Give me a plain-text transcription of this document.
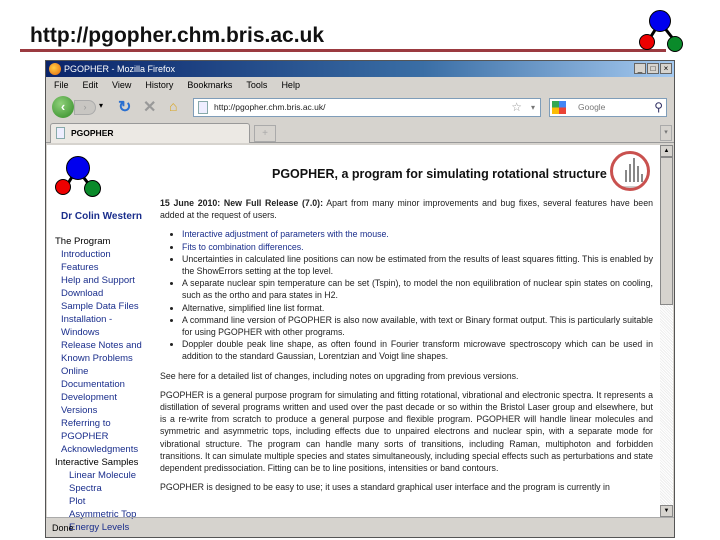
http://pgopher.chm.bris.ac.uk
PGOPHER - Mozilla Firefox	_	□	×
File Edit View History Bookmarks Tools Help
›
‹	▾ ↻ ✕ ⌂	http://pgopher.chm.bris.ac.uk/	☆ ▾	Google	⚲
PGOPHER	+	▾
Dr Colin Western
PGOPHER, a program for simulating rotational structure
The Program
Introduction
Features
Help and Support
Download
Sample Data Files
Installation - Windows
Release Notes and Known Problems
Online Documentation
Development Versions
Referring to PGOPHER
Acknowledgments
Interactive Samples
Linear Molecule Spectra
Plot Asymmetric Top Energy Levels

15 June 2010: New Full Release (7.0): Apart from many minor improvements and bug fixes, several features have been added at the request of users.

• Interactive adjustment of parameters with the mouse.
• Fits to combination differences.
• Uncertainties in calculated line positions can now be estimated from the results of least squares fitting. This is enabled by the ShowErrors setting at the top level.
• A separate nuclear spin temperature can be set (Tspin), to model the non equilibration of nuclear spin states on cooling, such as the ortho and para states in H2.
• Alternative, simplified line list format.
• A command line version of PGOPHER is also now available, with text or Binary format output. This is particularly suitable for using PGOPHER with other programs.
• Doppler double peak line shape, as often found in Fourier transform microwave spectroscopy which can be used in addition to the standard Gaussian, Lorentzian and Voigt line shapes.

See here for a detailed list of changes, including notes on upgrading from previous versions.

PGOPHER is a general purpose program for simulating and fitting rotational, vibrational and electronic spectra. It represents a distillation of several programs written and used over the past decade or so within the Bristol Laser group and elsewhere, but is a re-write from scratch to produce a general purpose and flexible program. PGOPHER will handle linear molecules and symmetric and asymmetric tops, including effects due to unpaired electrons and nuclear spin, with a separate mode for vibrational structure. The program can handle many sorts of transitions, including Raman, multiphoton and forbidden transitions. It can simulate multiple species and states simultaneously, including special effects such as perturbations and state dependent predissociation. Fitting can be to line positions, intensities or band contours.

PGOPHER is designed to be easy to use; it uses a standard graphical user interface and the program is currently in

▲
▼
Done
